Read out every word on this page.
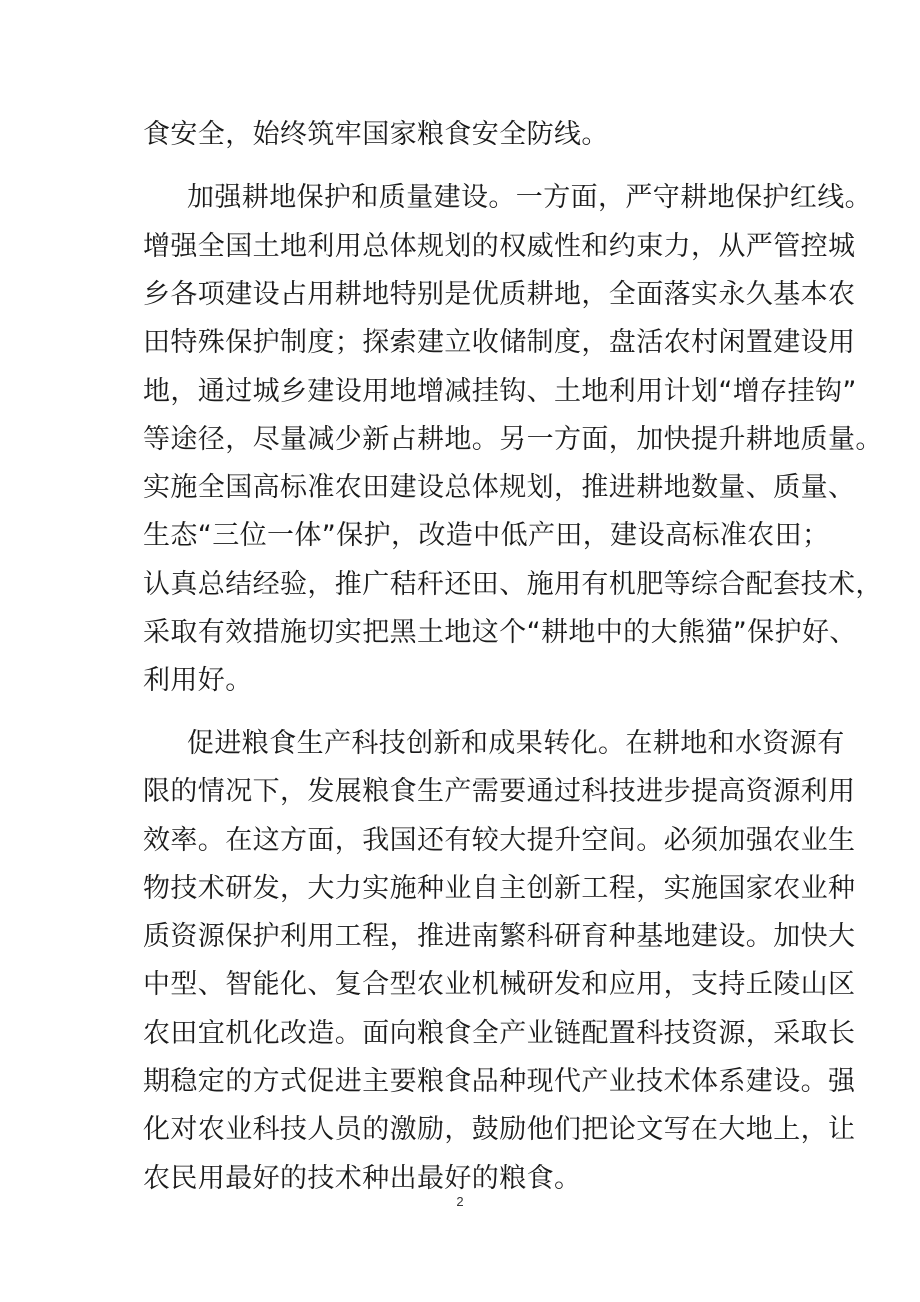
食安全，始终筑牢国家粮食安全防线。
加强耕地保护和质量建设。一方面，严守耕地保护红线。
增强全国土地利用总体规划的权威性和约束力，从严管控城
乡各项建设占用耕地特别是优质耕地，全面落实永久基本农
田特殊保护制度；探索建立收储制度，盘活农村闲置建设用
地，通过城乡建设用地增减挂钩、土地利用计划“增存挂钩”
等途径，尽量减少新占耕地。另一方面，加快提升耕地质量。
实施全国高标准农田建设总体规划，推进耕地数量、质量、
生态“三位一体”保护，改造中低产田，建设高标准农田；
认真总结经验，推广秸秆还田、施用有机肥等综合配套技术，
采取有效措施切实把黑土地这个“耕地中的大熊猫”保护好、
利用好。
促进粮食生产科技创新和成果转化。在耕地和水资源有
限的情况下，发展粮食生产需要通过科技进步提高资源利用
效率。在这方面，我国还有较大提升空间。必须加强农业生
物技术研发，大力实施种业自主创新工程，实施国家农业种
质资源保护利用工程，推进南繁科研育种基地建设。加快大
中型、智能化、复合型农业机械研发和应用，支持丘陵山区
农田宜机化改造。面向粮食全产业链配置科技资源，采取长
期稳定的方式促进主要粮食品种现代产业技术体系建设。强
化对农业科技人员的激励，鼓励他们把论文写在大地上，让
农民用最好的技术种出最好的粮食。
2
